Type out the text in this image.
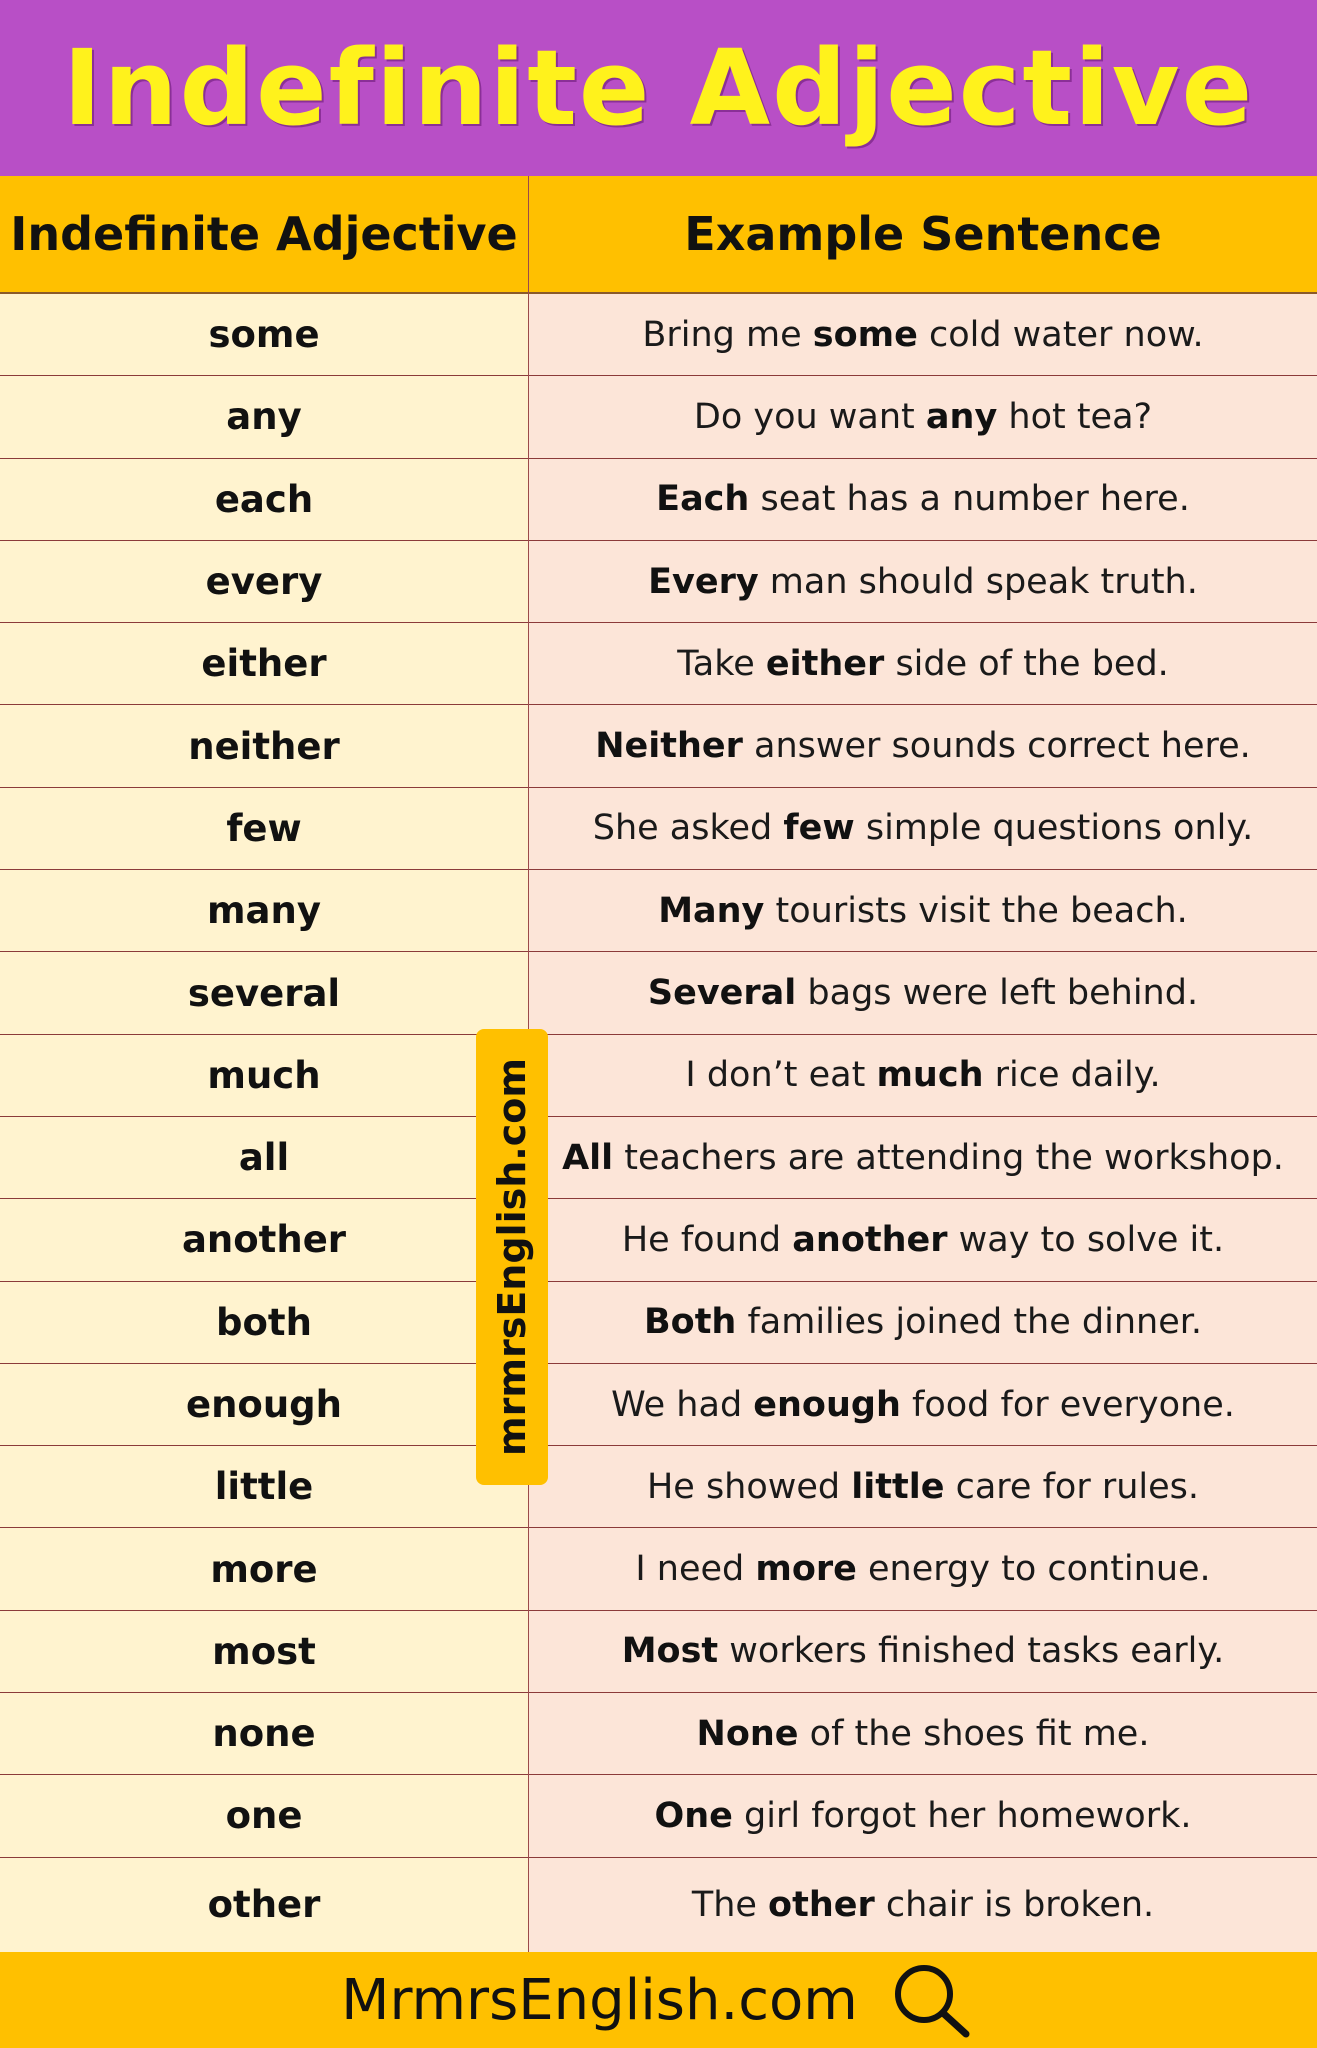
Indefinite Adjective
Indefinite Adjective	Example Sentence
some	Bring me some cold water now.
any	Do you want any hot tea?
each	Each seat has a number here.
every	Every man should speak truth.
either	Take either side of the bed.
neither	Neither answer sounds correct here.
few	She asked few simple questions only.
many	Many tourists visit the beach.
several	Several bags were left behind.
much	I don’t eat much rice daily.
all	All teachers are attending the workshop.
another	He found another way to solve it.
both	Both families joined the dinner.
enough	We had enough food for everyone.
little	He showed little care for rules.
more	I need more energy to continue.
most	Most workers finished tasks early.
none	None of the shoes fit me.
one	One girl forgot her homework.
other	The other chair is broken.
mrmrsEnglish.com
MrmrsEnglish.com
